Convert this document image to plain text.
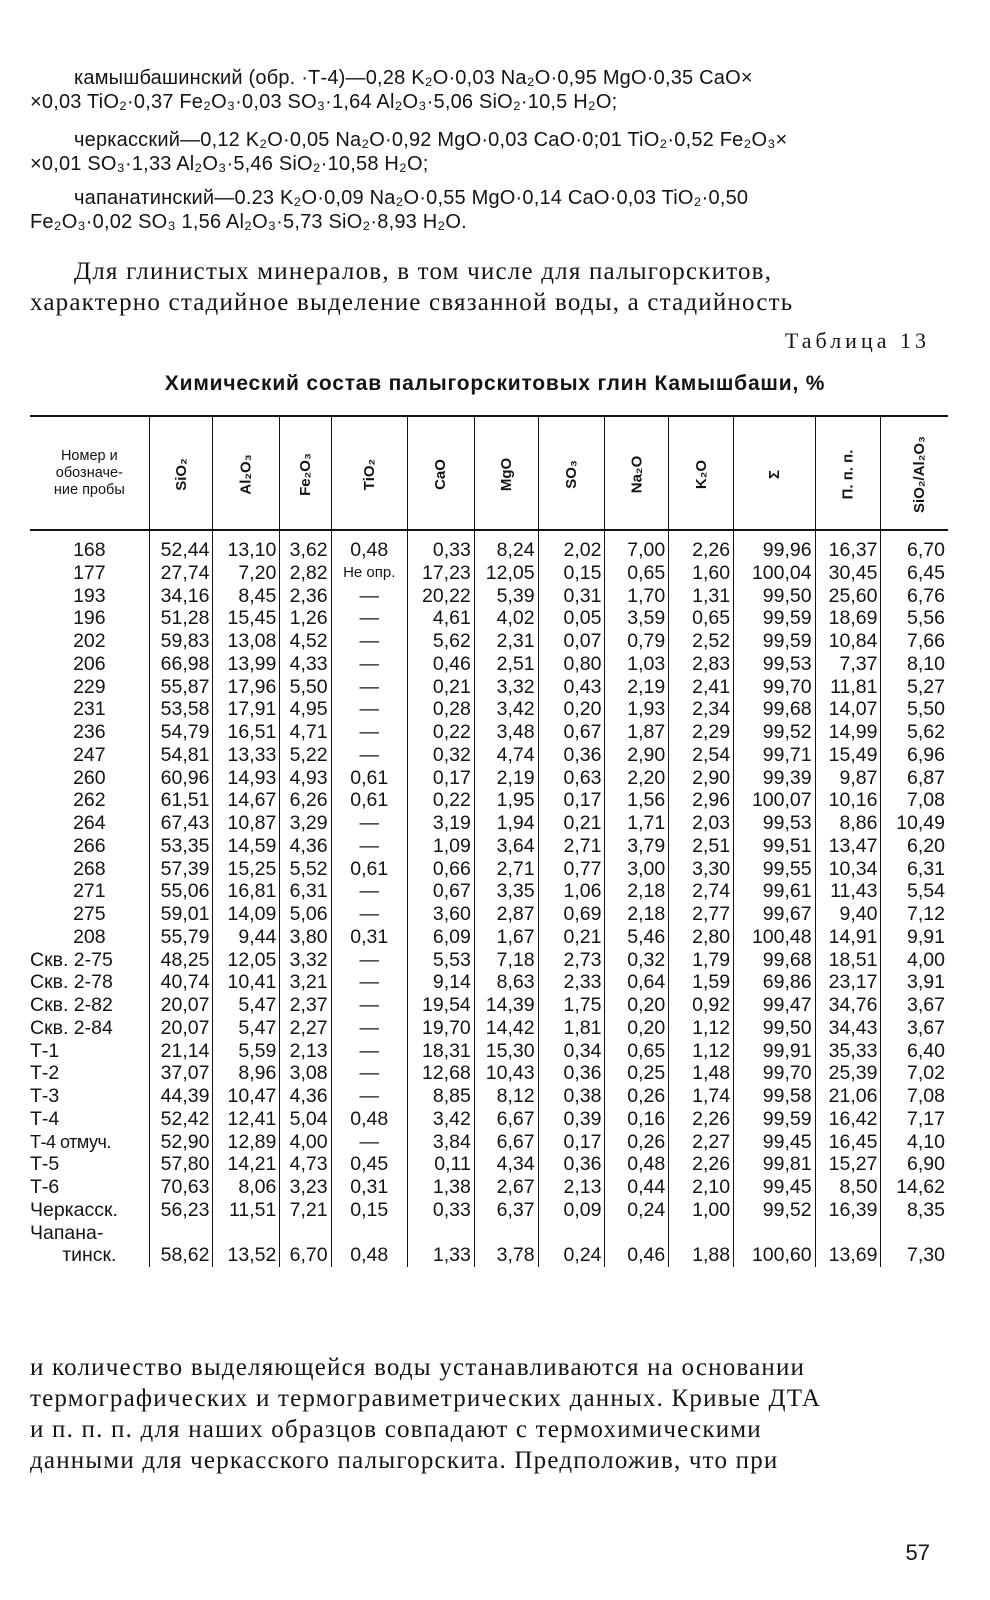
камышбашинский (обр. ·Т-4)—0,28 K₂O·0,03 Na₂O·0,95 MgO·0,35 CaO×
×0,03 TiO₂·0,37 Fe₂O₃·0,03 SO₃·1,64 Al₂O₃·5,06 SiO₂·10,5 H₂O;
черкасский—0,12 K₂O·0,05 Na₂O·0,92 MgO·0,03 CaO·0;01 TiO₂·0,52 Fe₂O₃×
×0,01 SO₃·1,33 Al₂O₃·5,46 SiO₂·10,58 H₂O;
чапанатинский—0.23 K₂O·0,09 Na₂O·0,55 MgO·0,14 CaO·0,03 TiO₂·0,50
Fe₂O₃·0,02 SO₃ 1,56 Al₂O₃·5,73 SiO₂·8,93 H₂O.
Для глинистых минералов, в том числе для палыгорскитов,
характерно стадийное выделение связанной воды, а стадийность
Таблица 13
Химический состав палыгорскитовых глин Камышбаши, %
Номер и
обозначе-
ние пробы	SiO₂	Al₂O₃	Fe₂O₃	TiO₂	CaO	MgO	SO₃	Na₂O	K₂O	Σ	П. п. п.	SiO₂/Al₂O₃
168	52,44	13,10	3,62	0,48	0,33	8,24	2,02	7,00	2,26	99,96	16,37	6,70
177	27,74	7,20	2,82	Не опр.	17,23	12,05	0,15	0,65	1,60	100,04	30,45	6,45
193	34,16	8,45	2,36	—	20,22	5,39	0,31	1,70	1,31	99,50	25,60	6,76
196	51,28	15,45	1,26	—	4,61	4,02	0,05	3,59	0,65	99,59	18,69	5,56
202	59,83	13,08	4,52	—	5,62	2,31	0,07	0,79	2,52	99,59	10,84	7,66
206	66,98	13,99	4,33	—	0,46	2,51	0,80	1,03	2,83	99,53	7,37	8,10
229	55,87	17,96	5,50	—	0,21	3,32	0,43	2,19	2,41	99,70	11,81	5,27
231	53,58	17,91	4,95	—	0,28	3,42	0,20	1,93	2,34	99,68	14,07	5,50
236	54,79	16,51	4,71	—	0,22	3,48	0,67	1,87	2,29	99,52	14,99	5,62
247	54,81	13,33	5,22	—	0,32	4,74	0,36	2,90	2,54	99,71	15,49	6,96
260	60,96	14,93	4,93	0,61	0,17	2,19	0,63	2,20	2,90	99,39	9,87	6,87
262	61,51	14,67	6,26	0,61	0,22	1,95	0,17	1,56	2,96	100,07	10,16	7,08
264	67,43	10,87	3,29	—	3,19	1,94	0,21	1,71	2,03	99,53	8,86	10,49
266	53,35	14,59	4,36	—	1,09	3,64	2,71	3,79	2,51	99,51	13,47	6,20
268	57,39	15,25	5,52	0,61	0,66	2,71	0,77	3,00	3,30	99,55	10,34	6,31
271	55,06	16,81	6,31	—	0,67	3,35	1,06	2,18	2,74	99,61	11,43	5,54
275	59,01	14,09	5,06	—	3,60	2,87	0,69	2,18	2,77	99,67	9,40	7,12
208	55,79	9,44	3,80	0,31	6,09	1,67	0,21	5,46	2,80	100,48	14,91	9,91
Скв. 2-75	48,25	12,05	3,32	—	5,53	7,18	2,73	0,32	1,79	99,68	18,51	4,00
Скв. 2-78	40,74	10,41	3,21	—	9,14	8,63	2,33	0,64	1,59	69,86	23,17	3,91
Скв. 2-82	20,07	5,47	2,37	—	19,54	14,39	1,75	0,20	0,92	99,47	34,76	3,67
Скв. 2-84	20,07	5,47	2,27	—	19,70	14,42	1,81	0,20	1,12	99,50	34,43	3,67
Т-1	21,14	5,59	2,13	—	18,31	15,30	0,34	0,65	1,12	99,91	35,33	6,40
Т-2	37,07	8,96	3,08	—	12,68	10,43	0,36	0,25	1,48	99,70	25,39	7,02
Т-3	44,39	10,47	4,36	—	8,85	8,12	0,38	0,26	1,74	99,58	21,06	7,08
Т-4	52,42	12,41	5,04	0,48	3,42	6,67	0,39	0,16	2,26	99,59	16,42	7,17
Т-4 отмуч.	52,90	12,89	4,00	—	3,84	6,67	0,17	0,26	2,27	99,45	16,45	4,10
Т-5	57,80	14,21	4,73	0,45	0,11	4,34	0,36	0,48	2,26	99,81	15,27	6,90
Т-6	70,63	8,06	3,23	0,31	1,38	2,67	2,13	0,44	2,10	99,45	8,50	14,62
Черкасск.	56,23	11,51	7,21	0,15	0,33	6,37	0,09	0,24	1,00	99,52	16,39	8,35
Чапана-												
тинск.	58,62	13,52	6,70	0,48	1,33	3,78	0,24	0,46	1,88	100,60	13,69	7,30
и количество выделяющейся воды устанавливаются на основании
термографических и термогравиметрических данных. Кривые ДТА
и п. п. п. для наших образцов совпадают с термохимическими
данными для черкасского палыгорскита. Предположив, что при
57
